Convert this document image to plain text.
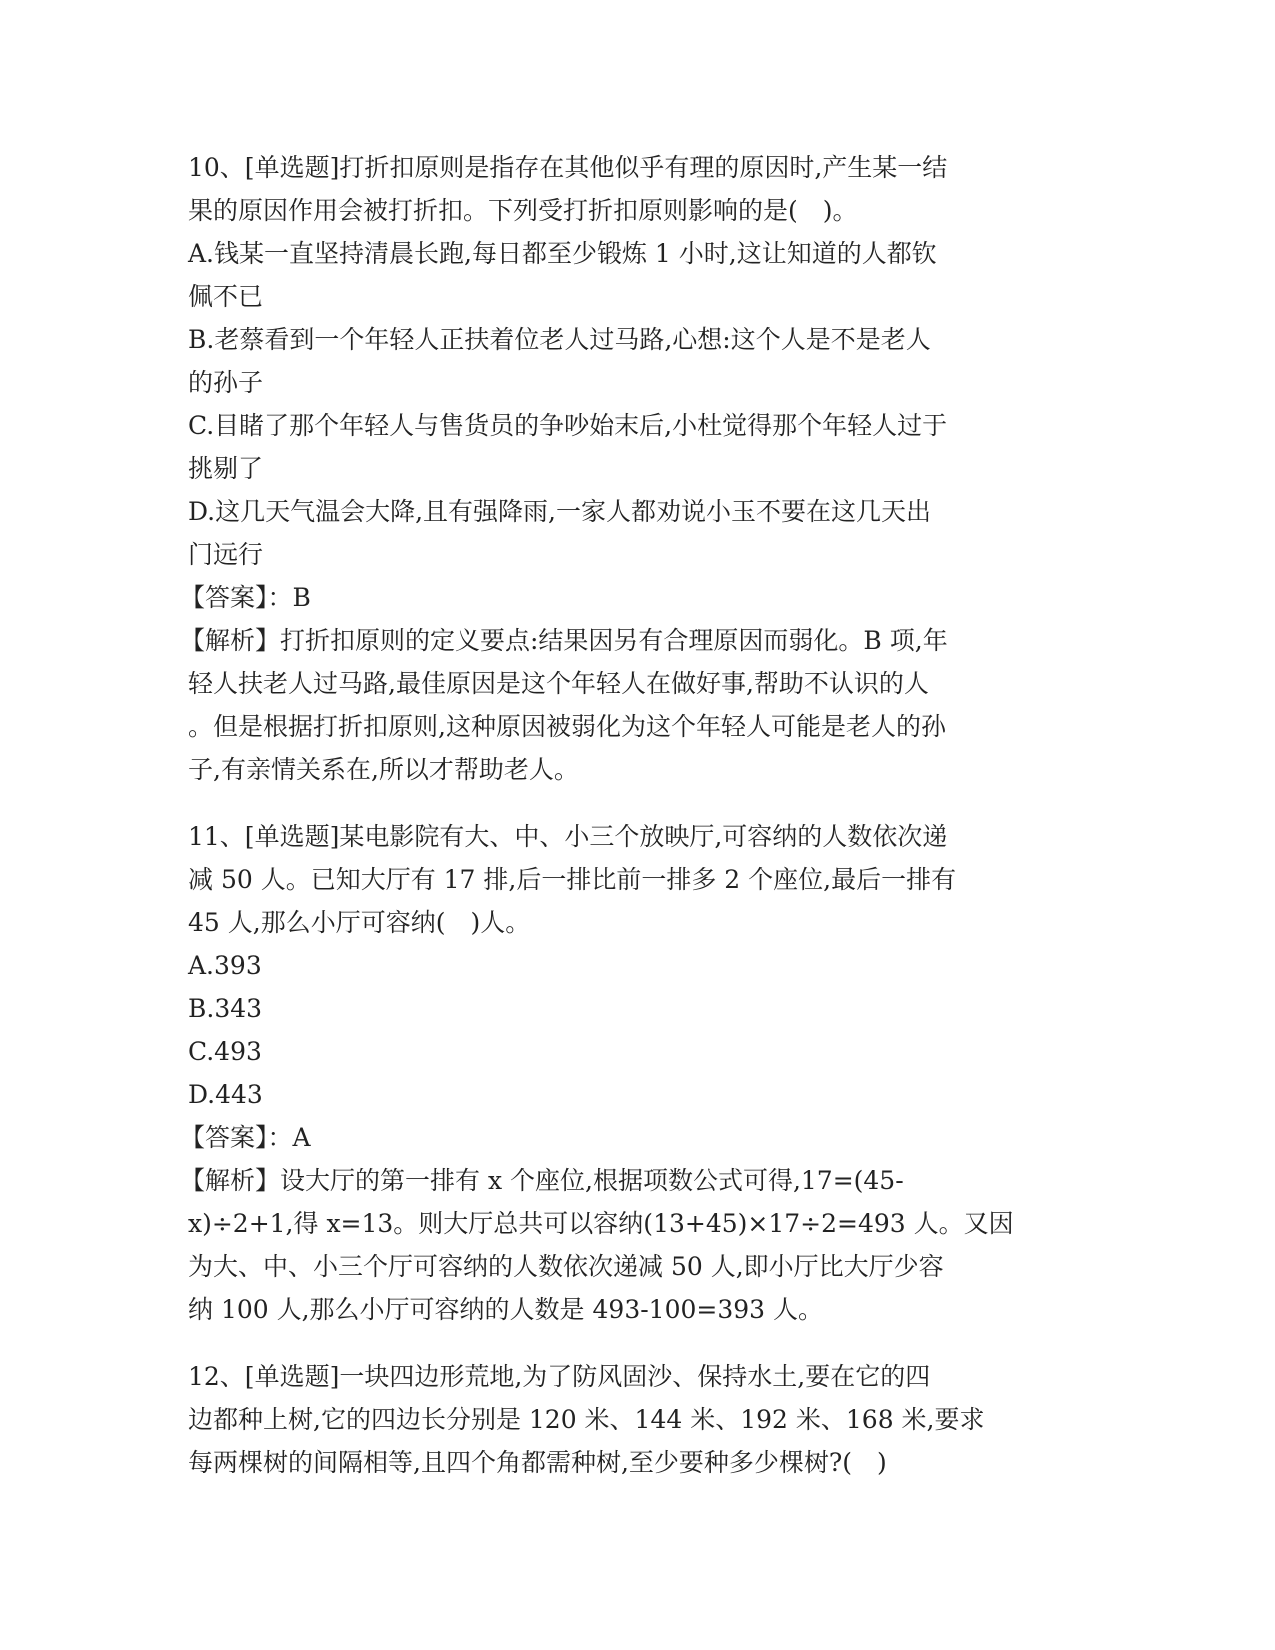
10、[单选题]打折扣原则是指存在其他似乎有理的原因时,产生某一结
果的原因作用会被打折扣。下列受打折扣原则影响的是(　)。
A.钱某一直坚持清晨长跑,每日都至少锻炼 1 小时,这让知道的人都钦
佩不已
B.老蔡看到一个年轻人正扶着位老人过马路,心想:这个人是不是老人
的孙子
C.目睹了那个年轻人与售货员的争吵始末后,小杜觉得那个年轻人过于
挑剔了
D.这几天气温会大降,且有强降雨,一家人都劝说小玉不要在这几天出
门远行
【答案】：B
【解析】打折扣原则的定义要点:结果因另有合理原因而弱化。B 项,年
轻人扶老人过马路,最佳原因是这个年轻人在做好事,帮助不认识的人
。但是根据打折扣原则,这种原因被弱化为这个年轻人可能是老人的孙
子,有亲情关系在,所以才帮助老人。
11、[单选题]某电影院有大、中、小三个放映厅,可容纳的人数依次递
减 50 人。已知大厅有 17 排,后一排比前一排多 2 个座位,最后一排有
45 人,那么小厅可容纳(　)人。
A.393
B.343
C.493
D.443
【答案】：A
【解析】设大厅的第一排有 x 个座位,根据项数公式可得,17=(45-
x)÷2+1,得 x=13。则大厅总共可以容纳(13+45)×17÷2=493 人。又因
为大、中、小三个厅可容纳的人数依次递减 50 人,即小厅比大厅少容
纳 100 人,那么小厅可容纳的人数是 493-100=393 人。
12、[单选题]一块四边形荒地,为了防风固沙、保持水土,要在它的四
边都种上树,它的四边长分别是 120 米、144 米、192 米、168 米,要求
每两棵树的间隔相等,且四个角都需种树,至少要种多少棵树?(　)
